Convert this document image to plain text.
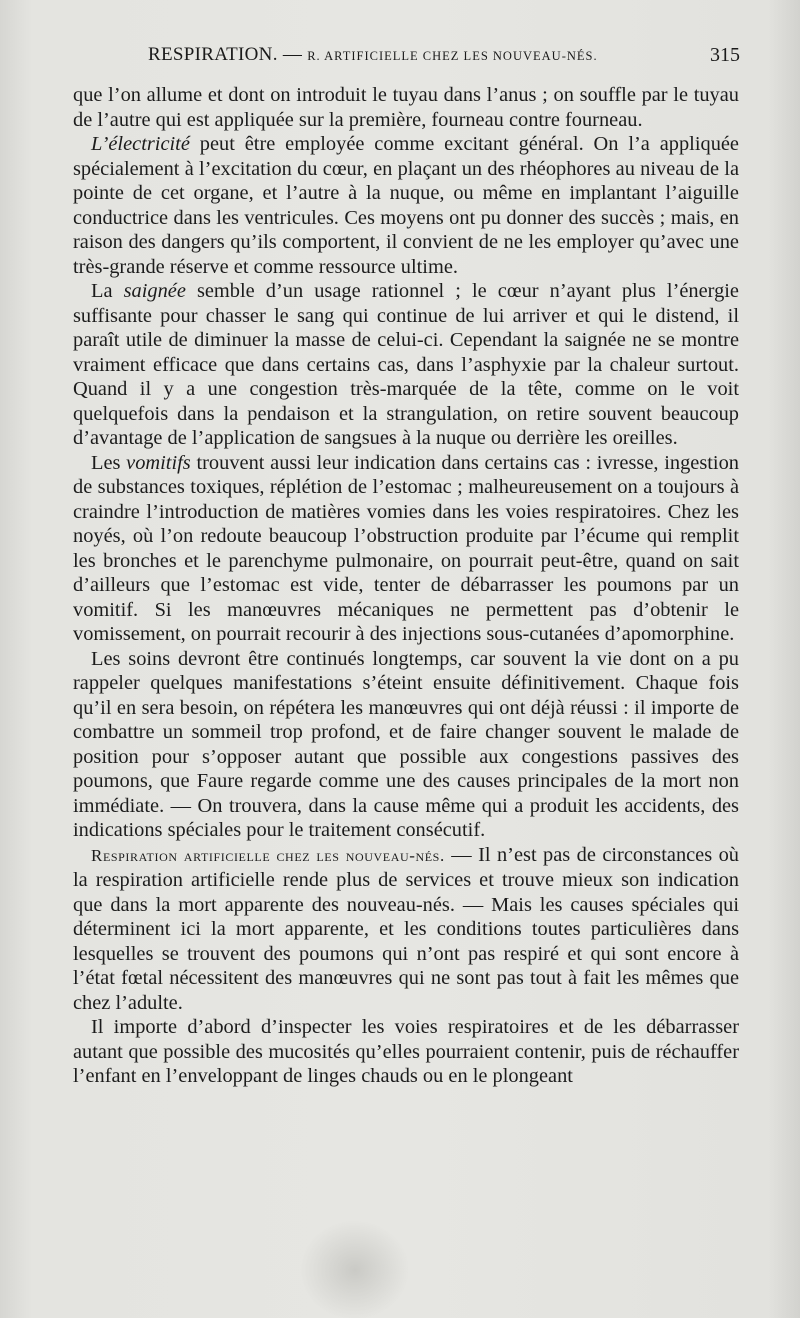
RESPIRATION. — R. ARTIFICIELLE CHEZ LES NOUVEAU-NÉS.	315

que l’on allume et dont on introduit le tuyau dans l’anus ; on souffle par le tuyau de l’autre qui est appliquée sur la première, fourneau contre fourneau.

L’électricité peut être employée comme excitant général. On l’a appliquée spécialement à l’excitation du cœur, en plaçant un des rhéophores au niveau de la pointe de cet organe, et l’autre à la nuque, ou même en implantant l’aiguille conductrice dans les ventricules. Ces moyens ont pu donner des succès ; mais, en raison des dangers qu’ils comportent, il convient de ne les employer qu’avec une très-grande réserve et comme ressource ultime.

La saignée semble d’un usage rationnel ; le cœur n’ayant plus l’énergie suffisante pour chasser le sang qui continue de lui arriver et qui le distend, il paraît utile de diminuer la masse de celui-ci. Cependant la saignée ne se montre vraiment efficace que dans certains cas, dans l’asphyxie par la chaleur surtout. Quand il y a une congestion très-marquée de la tête, comme on le voit quelquefois dans la pendaison et la strangulation, on retire souvent beaucoup d’avantage de l’application de sangsues à la nuque ou derrière les oreilles.

Les vomitifs trouvent aussi leur indication dans certains cas : ivresse, ingestion de substances toxiques, réplétion de l’estomac ; malheureusement on a toujours à craindre l’introduction de matières vomies dans les voies respiratoires. Chez les noyés, où l’on redoute beaucoup l’obstruction produite par l’écume qui remplit les bronches et le parenchyme pulmonaire, on pourrait peut-être, quand on sait d’ailleurs que l’estomac est vide, tenter de débarrasser les poumons par un vomitif. Si les manœuvres mécaniques ne permettent pas d’obtenir le vomissement, on pourrait recourir à des injections sous-cutanées d’apomorphine.

Les soins devront être continués longtemps, car souvent la vie dont on a pu rappeler quelques manifestations s’éteint ensuite définitivement. Chaque fois qu’il en sera besoin, on répétera les manœuvres qui ont déjà réussi : il importe de combattre un sommeil trop profond, et de faire changer souvent le malade de position pour s’opposer autant que possible aux congestions passives des poumons, que Faure regarde comme une des causes principales de la mort non immédiate. — On trouvera, dans la cause même qui a produit les accidents, des indications spéciales pour le traitement consécutif.

Respiration artificielle chez les nouveau-nés. — Il n’est pas de circonstances où la respiration artificielle rende plus de services et trouve mieux son indication que dans la mort apparente des nouveau-nés. — Mais les causes spéciales qui déterminent ici la mort apparente, et les conditions toutes particulières dans lesquelles se trouvent des poumons qui n’ont pas respiré et qui sont encore à l’état fœtal nécessitent des manœuvres qui ne sont pas tout à fait les mêmes que chez l’adulte.

Il importe d’abord d’inspecter les voies respiratoires et de les débarrasser autant que possible des mucosités qu’elles pourraient contenir, puis de réchauffer l’enfant en l’enveloppant de linges chauds ou en le plongeant
